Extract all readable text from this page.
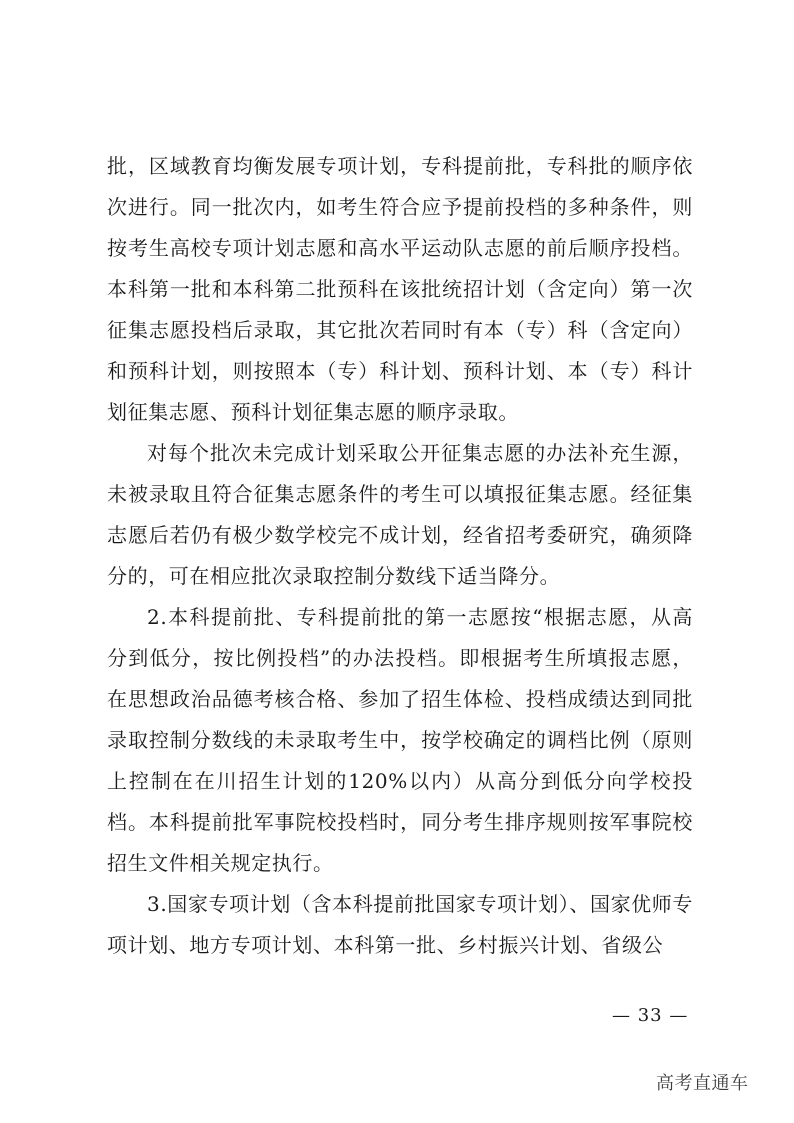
批，区域教育均衡发展专项计划，专科提前批，专科批的顺序依次进行。同一批次内，如考生符合应予提前投档的多种条件，则按考生高校专项计划志愿和高水平运动队志愿的前后顺序投档。本科第一批和本科第二批预科在该批统招计划（含定向）第一次征集志愿投档后录取，其它批次若同时有本（专）科（含定向）和预科计划，则按照本（专）科计划、预科计划、本（专）科计划征集志愿、预科计划征集志愿的顺序录取。

对每个批次未完成计划采取公开征集志愿的办法补充生源，未被录取且符合征集志愿条件的考生可以填报征集志愿。经征集志愿后若仍有极少数学校完不成计划，经省招考委研究，确须降分的，可在相应批次录取控制分数线下适当降分。

2.本科提前批、专科提前批的第一志愿按“根据志愿，从高分到低分，按比例投档”的办法投档。即根据考生所填报志愿，在思想政治品德考核合格、参加了招生体检、投档成绩达到同批录取控制分数线的未录取考生中，按学校确定的调档比例（原则上控制在在川招生计划的120%以内）从高分到低分向学校投档。本科提前批军事院校投档时，同分考生排序规则按军事院校招生文件相关规定执行。

3.国家专项计划（含本科提前批国家专项计划）、国家优师专项计划、地方专项计划、本科第一批、乡村振兴计划、省级公

— 33 —
高考直通车
